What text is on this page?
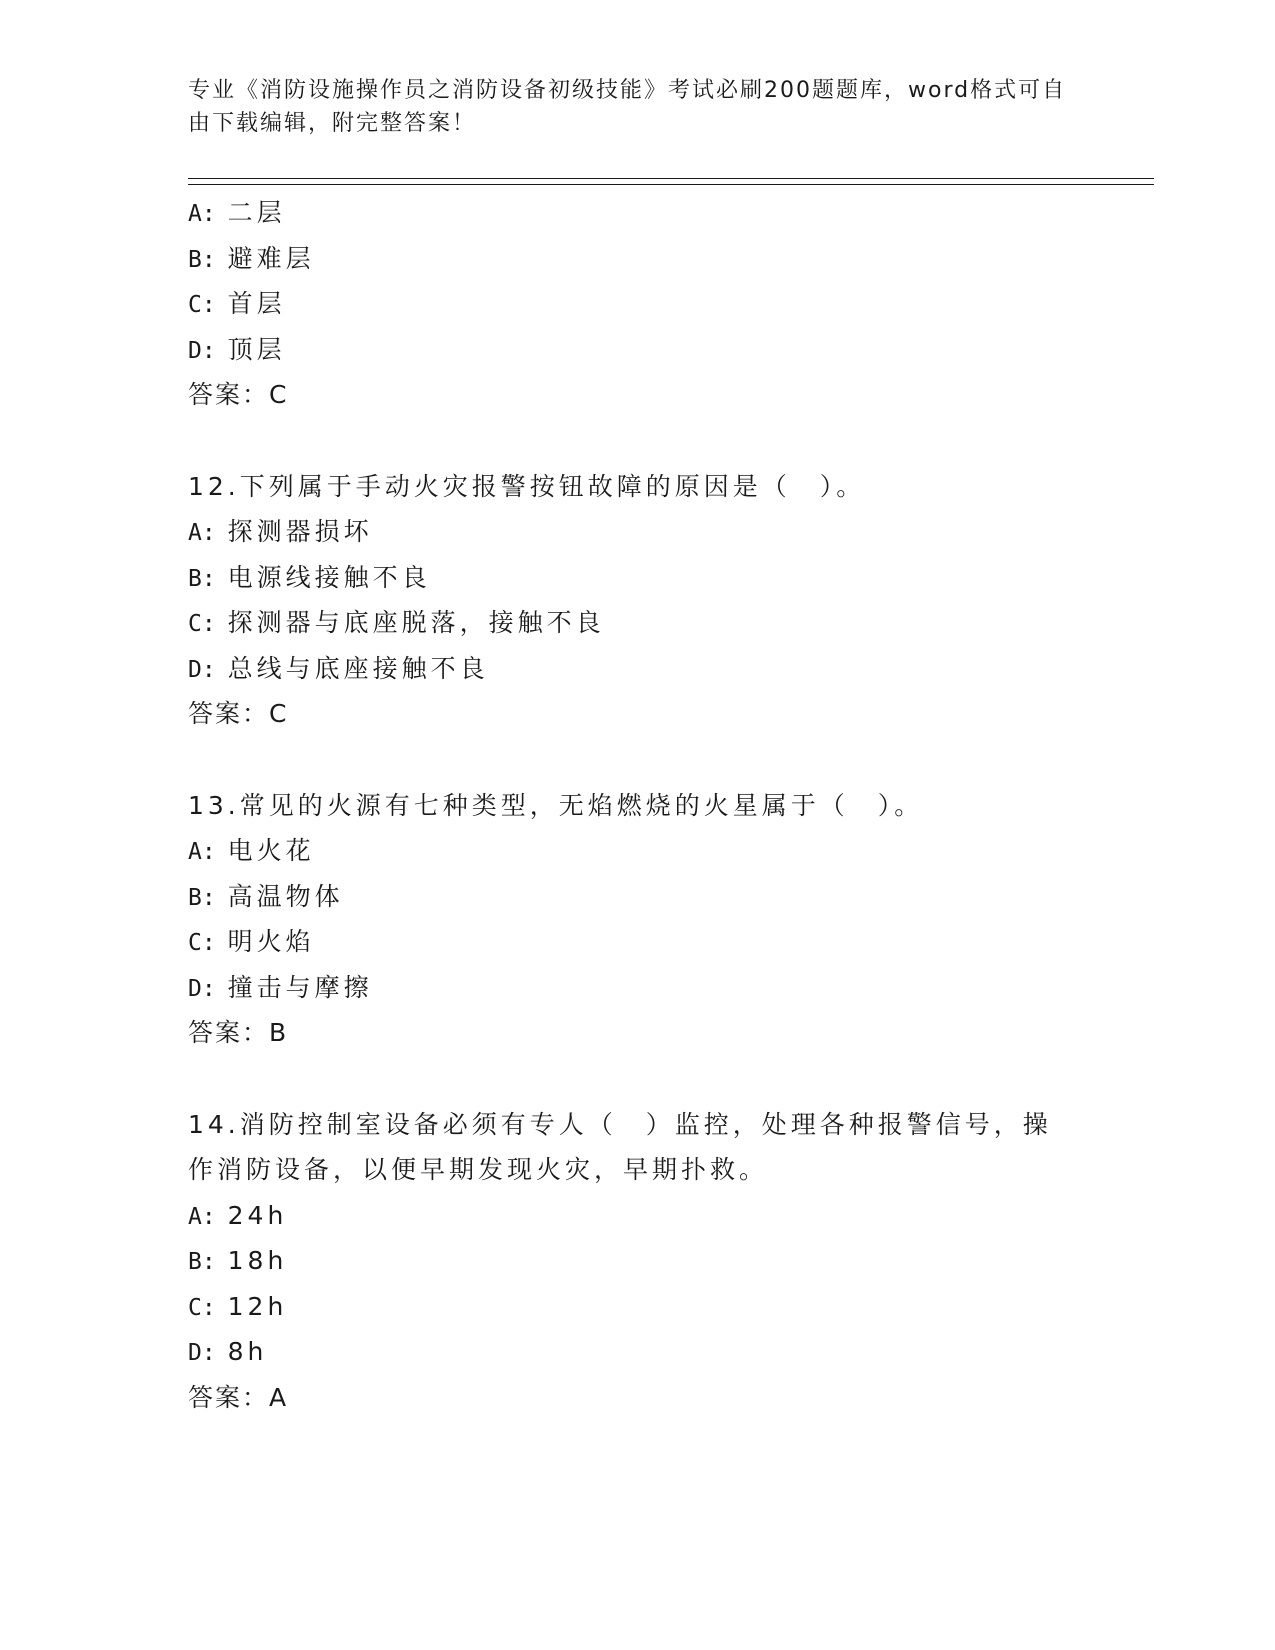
专业《消防设施操作员之消防设备初级技能》考试必刷200题题库，word格式可自由下载编辑，附完整答案！
A: 二层
B: 避难层
C: 首层
D: 顶层
答案：C
12.下列属于手动火灾报警按钮故障的原因是（　）。
A: 探测器损坏
B: 电源线接触不良
C: 探测器与底座脱落，接触不良
D: 总线与底座接触不良
答案：C
13.常见的火源有七种类型，无焰燃烧的火星属于（　）。
A: 电火花
B: 高温物体
C: 明火焰
D: 撞击与摩擦
答案：B
14.消防控制室设备必须有专人（　）监控，处理各种报警信号，操作消防设备，以便早期发现火灾，早期扑救。
A: 24h
B: 18h
C: 12h
D: 8h
答案：A
